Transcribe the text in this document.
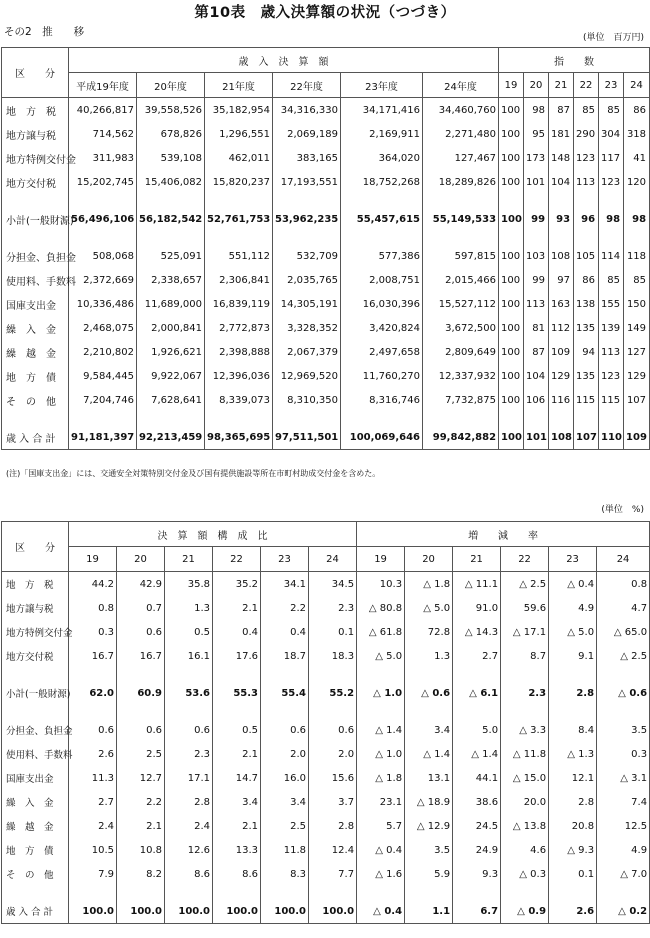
第10表　歳入決算額の状況（つづき）
その2　推　　移	(単位　百万円)
区　　分	歳　入　決　算　額						指　　数					
	平成19年度	20年度	21年度	22年度	23年度	24年度	19	20	21	22	23	24
地　方　税	40,266,817	39,558,526	35,182,954	34,316,330	34,171,416	34,460,760	100	98	87	85	85	86
地方譲与税	714,562	678,826	1,296,551	2,069,189	2,169,911	2,271,480	100	95	181	290	304	318
地方特例交付金	311,983	539,108	462,011	383,165	364,020	127,467	100	173	148	123	117	41
地方交付税	15,202,745	15,406,082	15,820,237	17,193,551	18,752,268	18,289,826	100	101	104	113	123	120

小計(一般財源)	56,496,106	56,182,542	52,761,753	53,962,235	55,457,615	55,149,533	100	99	93	96	98	98

分担金、負担金	508,068	525,091	551,112	532,709	577,386	597,815	100	103	108	105	114	118
使用料、手数料	2,372,669	2,338,657	2,306,841	2,035,765	2,008,751	2,015,466	100	99	97	86	85	85
国庫支出金	10,336,486	11,689,000	16,839,119	14,305,191	16,030,396	15,527,112	100	113	163	138	155	150
繰　入　金	2,468,075	2,000,841	2,772,873	3,328,352	3,420,824	3,672,500	100	81	112	135	139	149
繰　越　金	2,210,802	1,926,621	2,398,888	2,067,379	2,497,658	2,809,649	100	87	109	94	113	127
地　方　債	9,584,445	9,922,067	12,396,036	12,969,520	11,760,270	12,337,932	100	104	129	135	123	129
そ　の　他	7,204,746	7,628,641	8,339,073	8,310,350	8,316,746	7,732,875	100	106	116	115	115	107

歳 入 合 計	91,181,397	92,213,459	98,365,695	97,511,501	100,069,646	99,842,882	100	101	108	107	110	109
(注)「国庫支出金」には、交通安全対策特別交付金及び国有提供施設等所在市町村助成交付金を含めた。
(単位　%)
区　　分	決　算　額　構　成　比						増　　減　　率					
	19	20	21	22	23	24	19	20	21	22	23	24
地　方　税	44.2	42.9	35.8	35.2	34.1	34.5	10.3	△ 1.8	△ 11.1	△ 2.5	△ 0.4	0.8
地方譲与税	0.8	0.7	1.3	2.1	2.2	2.3	△ 80.8	△ 5.0	91.0	59.6	4.9	4.7
地方特例交付金	0.3	0.6	0.5	0.4	0.4	0.1	△ 61.8	72.8	△ 14.3	△ 17.1	△ 5.0	△ 65.0
地方交付税	16.7	16.7	16.1	17.6	18.7	18.3	△ 5.0	1.3	2.7	8.7	9.1	△ 2.5

小計(一般財源)	62.0	60.9	53.6	55.3	55.4	55.2	△ 1.0	△ 0.6	△ 6.1	2.3	2.8	△ 0.6

分担金、負担金	0.6	0.6	0.6	0.5	0.6	0.6	△ 1.4	3.4	5.0	△ 3.3	8.4	3.5
使用料、手数料	2.6	2.5	2.3	2.1	2.0	2.0	△ 1.0	△ 1.4	△ 1.4	△ 11.8	△ 1.3	0.3
国庫支出金	11.3	12.7	17.1	14.7	16.0	15.6	△ 1.8	13.1	44.1	△ 15.0	12.1	△ 3.1
繰　入　金	2.7	2.2	2.8	3.4	3.4	3.7	23.1	△ 18.9	38.6	20.0	2.8	7.4
繰　越　金	2.4	2.1	2.4	2.1	2.5	2.8	5.7	△ 12.9	24.5	△ 13.8	20.8	12.5
地　方　債	10.5	10.8	12.6	13.3	11.8	12.4	△ 0.4	3.5	24.9	4.6	△ 9.3	4.9
そ　の　他	7.9	8.2	8.6	8.6	8.3	7.7	△ 1.6	5.9	9.3	△ 0.3	0.1	△ 7.0

歳 入 合 計	100.0	100.0	100.0	100.0	100.0	100.0	△ 0.4	1.1	6.7	△ 0.9	2.6	△ 0.2
